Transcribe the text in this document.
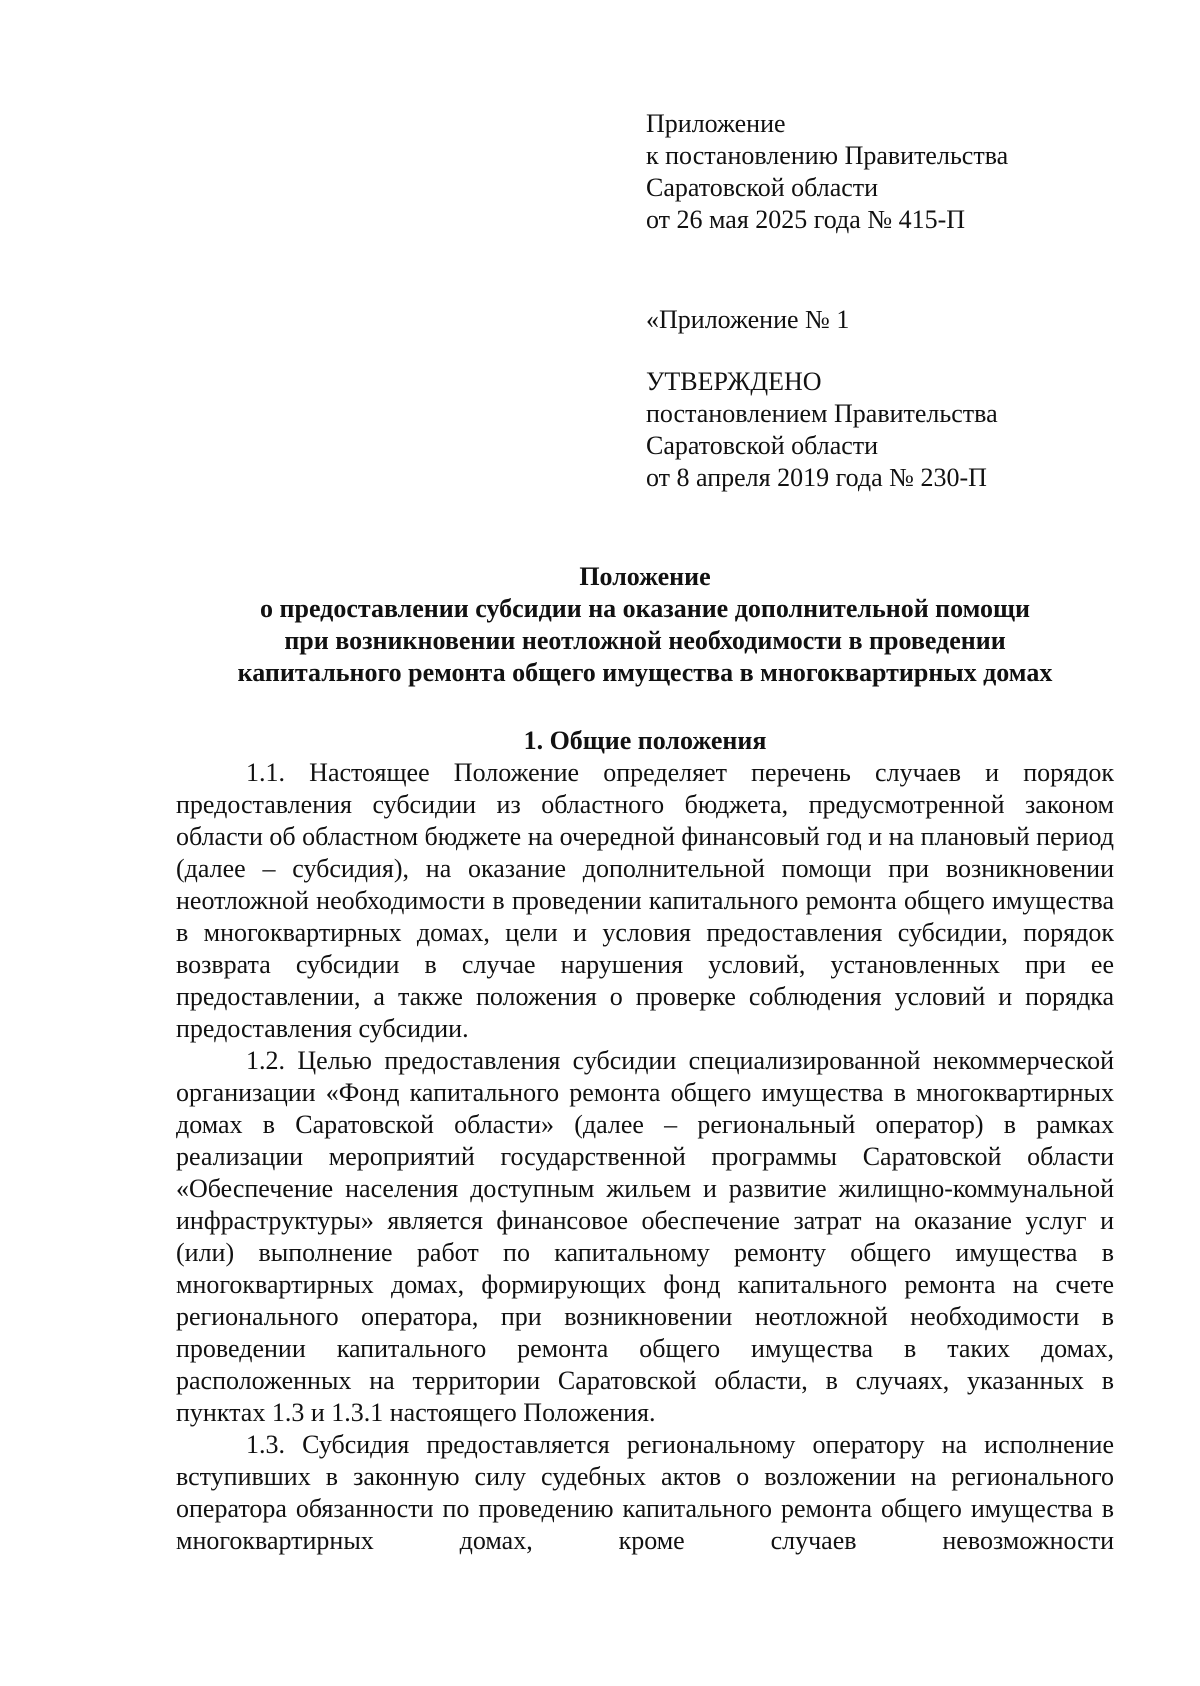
Приложение
к постановлению Правительства
Саратовской области
от 26 мая 2025 года № 415-П
«Приложение № 1
УТВЕРЖДЕНО
постановлением Правительства
Саратовской области
от 8 апреля 2019 года № 230-П
Положение
о предоставлении субсидии на оказание дополнительной помощи
при возникновении неотложной необходимости в проведении
капитального ремонта общего имущества в многоквартирных домах
1. Общие положения

1.1. Настоящее Положение определяет перечень случаев и порядок предоставления субсидии из областного бюджета, предусмотренной законом области об областном бюджете на очередной финансовый год и на плановый период (далее – субсидия), на оказание дополнительной помощи при возникновении неотложной необходимости в проведении капитального ремонта общего имущества в многоквартирных домах, цели и условия предоставления субсидии, порядок возврата субсидии в случае нарушения условий, установленных при ее предоставлении, а также положения о проверке соблюдения условий и порядка предоставления субсидии.

1.2. Целью предоставления субсидии специализированной некоммерческой организации «Фонд капитального ремонта общего имущества в многоквартирных домах в Саратовской области» (далее – региональный оператор) в рамках реализации мероприятий государственной программы Саратовской области «Обеспечение населения доступным жильем и развитие жилищно-коммунальной инфраструктуры» является финансовое обеспечение затрат на оказание услуг и (или) выполнение работ по капитальному ремонту общего имущества в многоквартирных домах, формирующих фонд капитального ремонта на счете регионального оператора, при возникновении неотложной необходимости в проведении капитального ремонта общего имущества в таких домах, расположенных на территории Саратовской области, в случаях, указанных в пунктах 1.3 и 1.3.1 настоящего Положения.

1.3. Субсидия предоставляется региональному оператору на исполнение вступивших в законную силу судебных актов о возложении на регионального оператора обязанности по проведению капитального ремонта общего имущества в многоквартирных домах, кроме случаев невозможности
